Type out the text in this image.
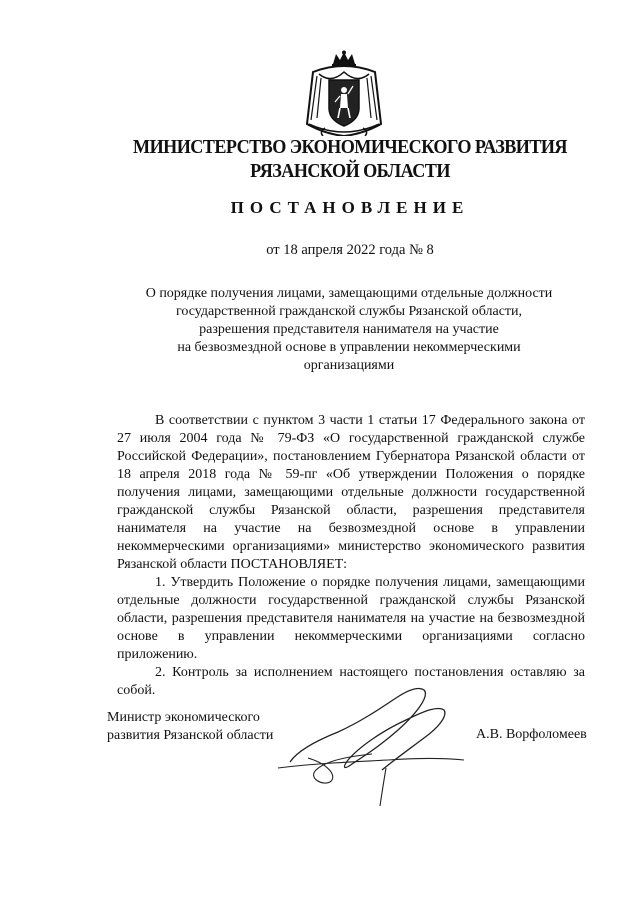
МИНИСТЕРСТВО ЭКОНОМИЧЕСКОГО РАЗВИТИЯ
РЯЗАНСКОЙ ОБЛАСТИ
ПОСТАНОВЛЕНИЕ
от 18 апреля 2022 года № 8
О порядке получения лицами, замещающими отдельные должности
государственной гражданской службы Рязанской области,
разрешения представителя нанимателя на участие
на безвозмездной основе в управлении некоммерческими
организациями

В соответствии с пунктом 3 части 1 статьи 17 Федерального закона от 27 июля 2004 года № 79-ФЗ «О государственной гражданской службе Российской Федерации», постановлением Губернатора Рязанской области от 18 апреля 2018 года № 59-пг «Об утверждении Положения о порядке получения лицами, замещающими отдельные должности государственной гражданской службы Рязанской области, разрешения представителя нанимателя на участие на безвозмездной основе в управлении некоммерческими организациями» министерство экономического развития Рязанской области ПОСТАНОВЛЯЕТ:

1. Утвердить Положение о порядке получения лицами, замещающими отдельные должности государственной гражданской службы Рязанской области, разрешения представителя нанимателя на участие на безвозмездной основе в управлении некоммерческими организациями согласно приложению.

2. Контроль за исполнением настоящего постановления оставляю за собой.

Министр экономического
развития Рязанской области	А.В. Ворфоломеев
